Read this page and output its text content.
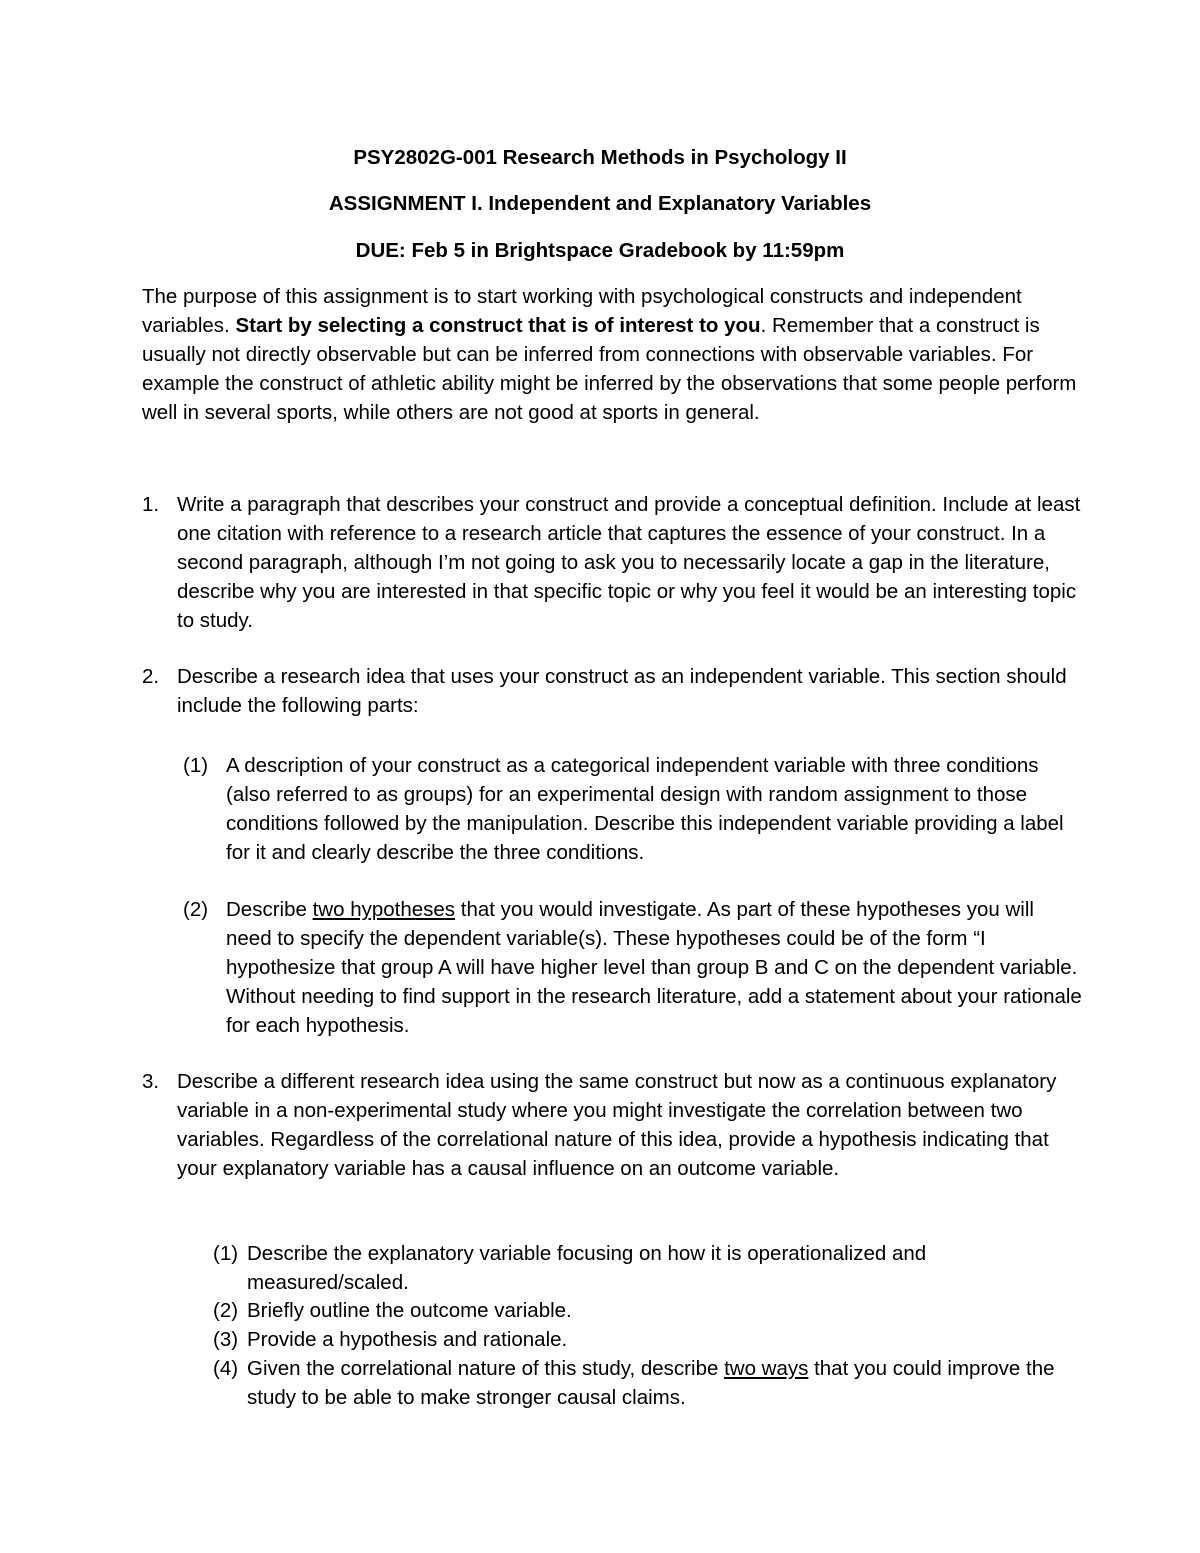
PSY2802G-001 Research Methods in Psychology II
ASSIGNMENT I. Independent and Explanatory Variables
DUE: Feb 5 in Brightspace Gradebook by 11:59pm
The purpose of this assignment is to start working with psychological constructs and independent variables. Start by selecting a construct that is of interest to you. Remember that a construct is usually not directly observable but can be inferred from connections with observable variables. For example the construct of athletic ability might be inferred by the observations that some people perform well in several sports, while others are not good at sports in general.
1. Write a paragraph that describes your construct and provide a conceptual definition. Include at least one citation with reference to a research article that captures the essence of your construct. In a second paragraph, although I’m not going to ask you to necessarily locate a gap in the literature, describe why you are interested in that specific topic or why you feel it would be an interesting topic to study.
2. Describe a research idea that uses your construct as an independent variable. This section should include the following parts:
(1) A description of your construct as a categorical independent variable with three conditions (also referred to as groups) for an experimental design with random assignment to those conditions followed by the manipulation. Describe this independent variable providing a label for it and clearly describe the three conditions.
(2) Describe two hypotheses that you would investigate. As part of these hypotheses you will need to specify the dependent variable(s). These hypotheses could be of the form “I hypothesize that group A will have higher level than group B and C on the dependent variable. Without needing to find support in the research literature, add a statement about your rationale for each hypothesis.
3. Describe a different research idea using the same construct but now as a continuous explanatory variable in a non-experimental study where you might investigate the correlation between two variables. Regardless of the correlational nature of this idea, provide a hypothesis indicating that your explanatory variable has a causal influence on an outcome variable.
(1) Describe the explanatory variable focusing on how it is operationalized and measured/scaled.
(2) Briefly outline the outcome variable.
(3) Provide a hypothesis and rationale.
(4) Given the correlational nature of this study, describe two ways that you could improve the study to be able to make stronger causal claims.
